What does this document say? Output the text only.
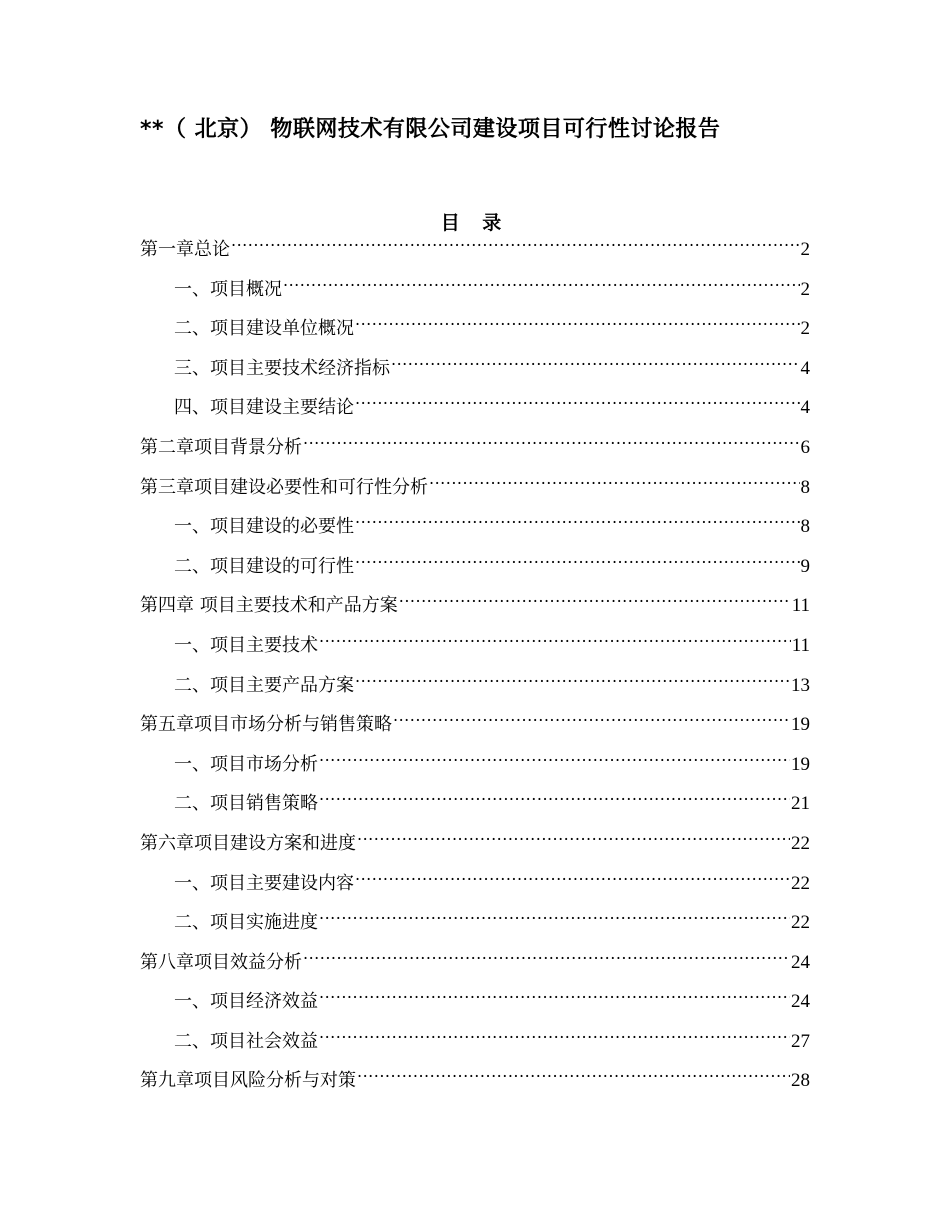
**（ 北京） 物联网技术有限公司建设项目可行性讨论报告
目 录
第一章总论 .....	2
一、项目概况 .....	2
二、项目建设单位概况 .....	2
三、项目主要技术经济指标 .....	4
四、项目建设主要结论 .....	4
第二章项目背景分析 .....	6
第三章项目建设必要性和可行性分析 .....	8
一、项目建设的必要性 .....	8
二、项目建设的可行性 .....	9
第四章 项目主要技术和产品方案 .....	11
一、项目主要技术 .....	11
二、项目主要产品方案 .....	13
第五章项目市场分析与销售策略 .....	19
一、项目市场分析 .....	19
二、项目销售策略 .....	21
第六章项目建设方案和进度 .....	22
一、项目主要建设内容 .....	22
二、项目实施进度 .....	22
第八章项目效益分析 .....	24
一、项目经济效益 .....	24
二、项目社会效益 .....	27
第九章项目风险分析与对策 .....	28
